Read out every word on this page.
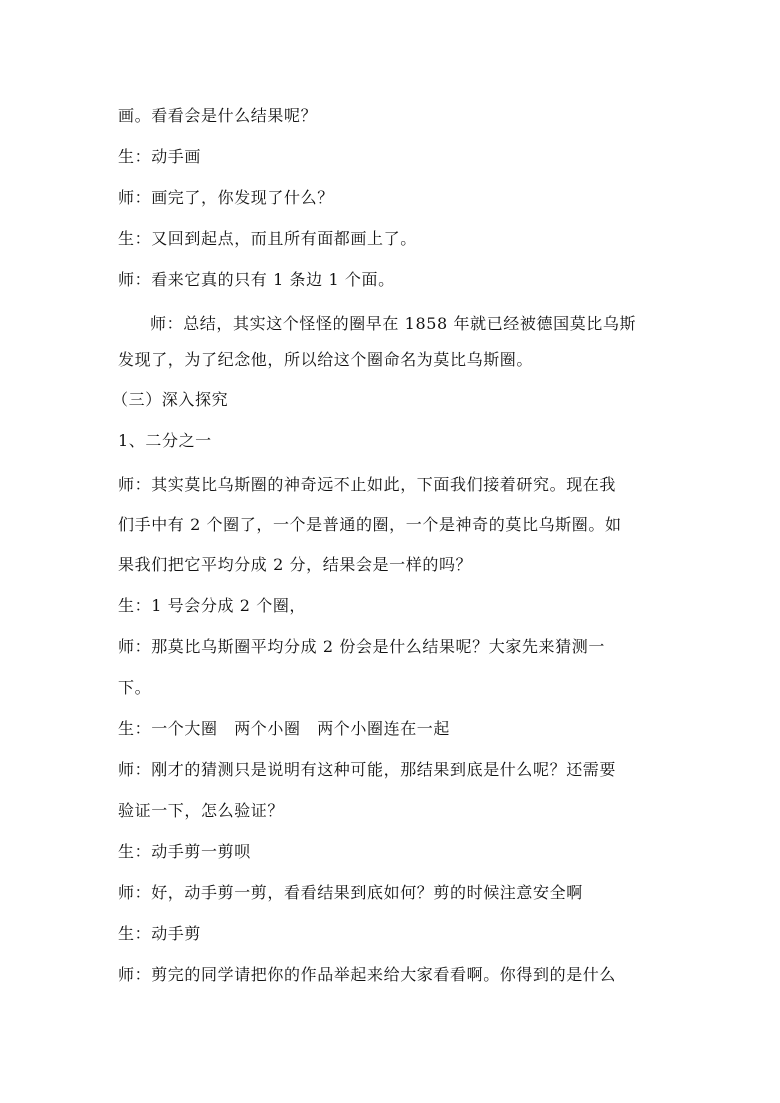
画。看看会是什么结果呢？
生：动手画
师：画完了，你发现了什么？
生：又回到起点，而且所有面都画上了。
师：看来它真的只有 1 条边 1 个面。
师：总结，其实这个怪怪的圈早在 1858 年就已经被德国莫比乌斯
发现了，为了纪念他，所以给这个圈命名为莫比乌斯圈。
（三）深入探究
1、二分之一
师：其实莫比乌斯圈的神奇远不止如此，下面我们接着研究。现在我
们手中有 2 个圈了，一个是普通的圈，一个是神奇的莫比乌斯圈。如
果我们把它平均分成 2 分，结果会是一样的吗？
生：1 号会分成 2 个圈，
师：那莫比乌斯圈平均分成 2 份会是什么结果呢？大家先来猜测一
下。
生：一个大圈　两个小圈　两个小圈连在一起
师：刚才的猜测只是说明有这种可能，那结果到底是什么呢？还需要
验证一下，怎么验证？
生：动手剪一剪呗
师：好，动手剪一剪，看看结果到底如何？剪的时候注意安全啊
生：动手剪
师：剪完的同学请把你的作品举起来给大家看看啊。你得到的是什么
